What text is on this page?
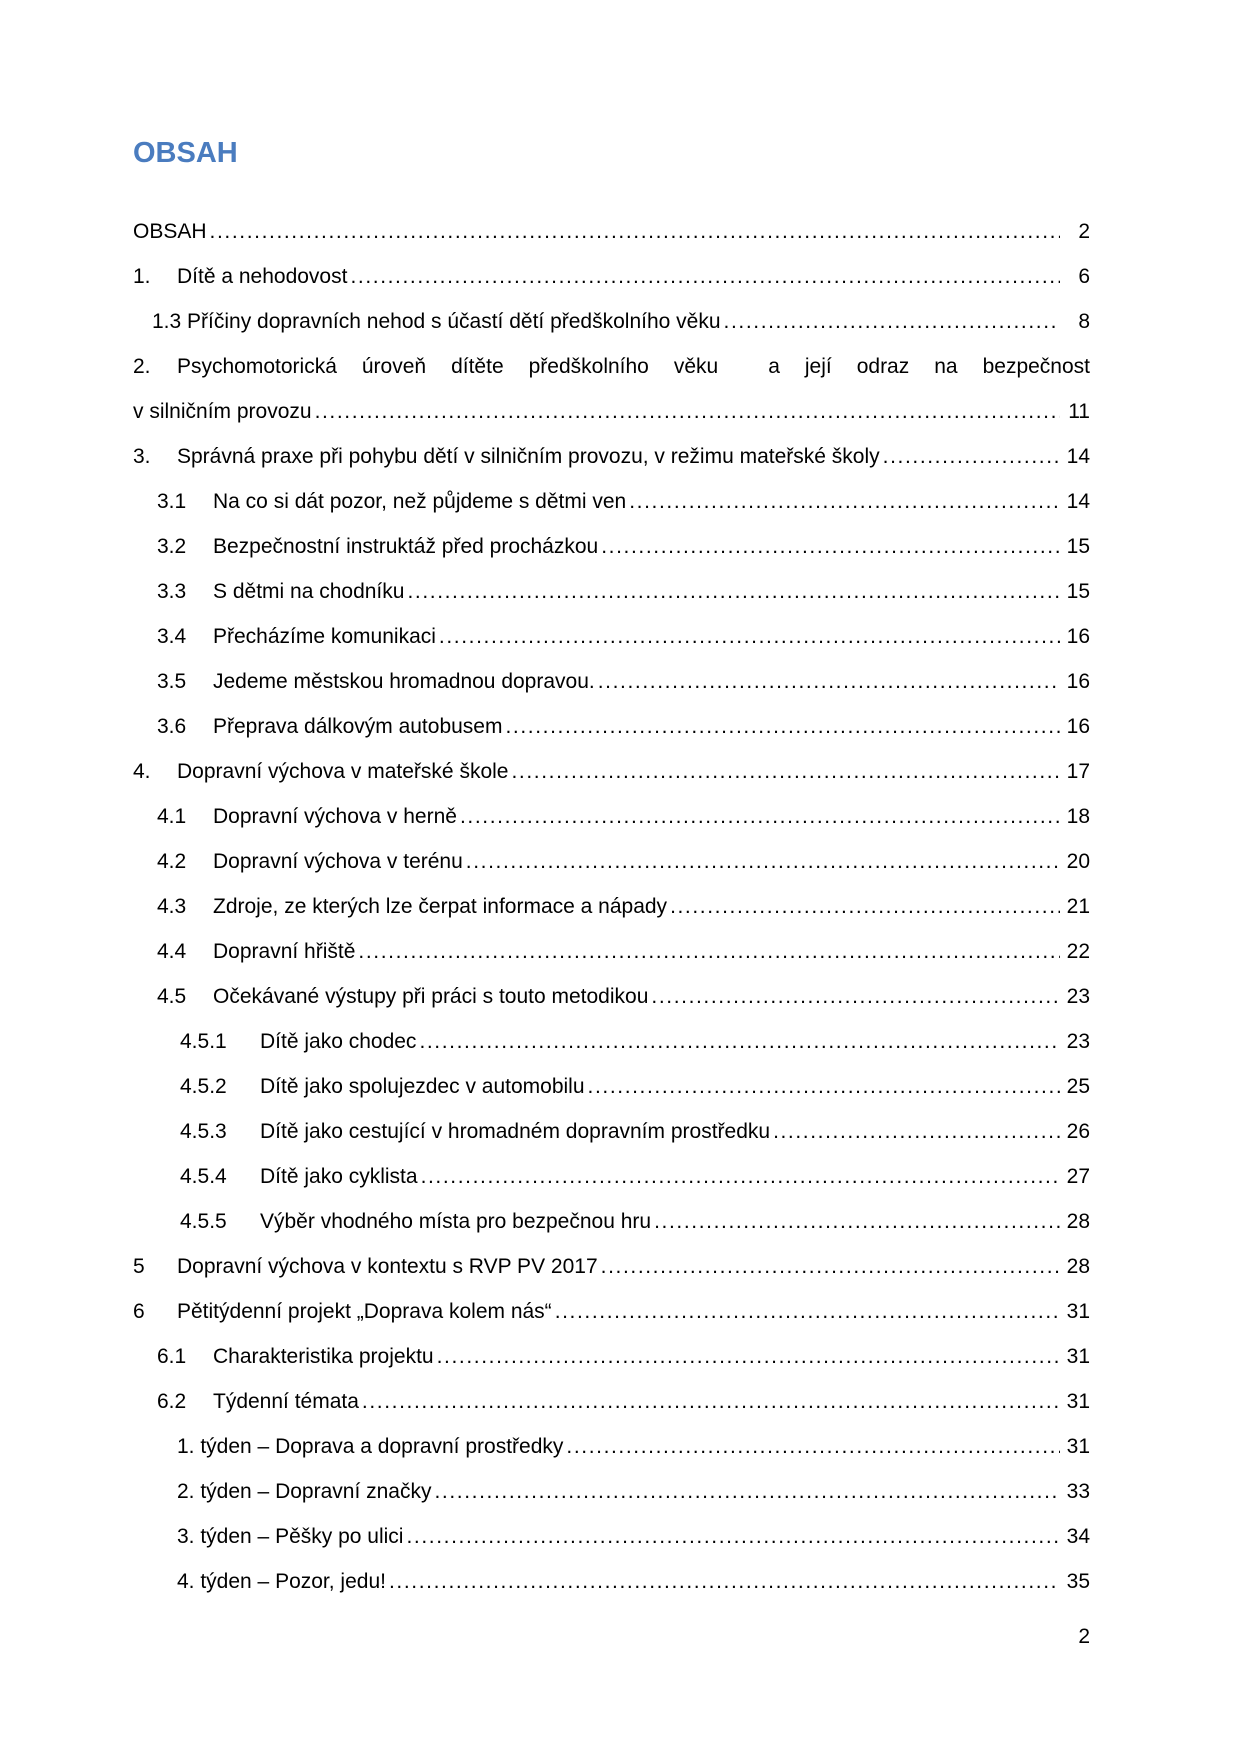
OBSAH
OBSAH .....	2
1.	Dítě a nehodovost .....	6
1.3 Příčiny dopravních nehod s účastí dětí předškolního věku .....	8
2.	Psychomotorická úroveň dítěte předškolního věku  a její odraz na bezpečnost
v silničním provozu .....	11
3.	Správná praxe při pohybu dětí v silničním provozu, v režimu mateřské školy .....	14
3.1	Na co si dát pozor, než půjdeme s dětmi ven .....	14
3.2	Bezpečnostní instruktáž před procházkou .....	15
3.3	S dětmi na chodníku .....	15
3.4	Přecházíme komunikaci .....	16
3.5	Jedeme městskou hromadnou dopravou. .....	16
3.6	Přeprava dálkovým autobusem .....	16
4.	Dopravní výchova v mateřské škole .....	17
4.1	Dopravní výchova v herně .....	18
4.2	Dopravní výchova v terénu .....	20
4.3	Zdroje, ze kterých lze čerpat informace a nápady .....	21
4.4	Dopravní hřiště .....	22
4.5	Očekávané výstupy při práci s touto metodikou .....	23
4.5.1	Dítě jako chodec .....	23
4.5.2	Dítě jako spolujezdec v automobilu .....	25
4.5.3	Dítě jako cestující v hromadném dopravním prostředku .....	26
4.5.4	Dítě jako cyklista .....	27
4.5.5	Výběr vhodného místa pro bezpečnou hru .....	28
5	Dopravní výchova v kontextu s RVP PV 2017 .....	28
6	Pětitýdenní projekt „Doprava kolem nás“ .....	31
6.1	Charakteristika projektu .....	31
6.2	Týdenní témata .....	31
1. týden – Doprava a dopravní prostředky .....	31
2. týden – Dopravní značky .....	33
3. týden – Pěšky po ulici .....	34
4. týden – Pozor, jedu! .....	35
2
